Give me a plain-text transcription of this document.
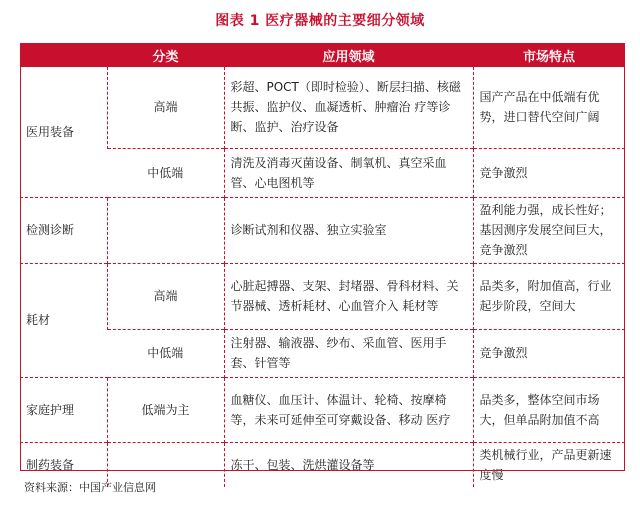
图表 1 医疗器械的主要细分领域
	分类	应用领域	市场特点
医用装备	高端	彩超、POCT（即时检验）、断层扫描、核磁共振、监护仪、血凝透析、肿瘤治 疗等诊断、监护、治疗设备	国产产品在中低端有优 势，进口替代空间广阔
	中低端	清洗及消毒灭菌设备、制氧机、真空采血管、心电图机等	竞争激烈
检测诊断		诊断试剂和仪器、独立实验室	盈利能力强，成长性好；基因测序发展空间巨大，竞争激烈
耗材	高端	心脏起搏器、支架、封堵器、骨科材料、关节器械、透析耗材、心血管介入 耗材等	品类多，附加值高，行业 起步阶段，空间大
	中低端	注射器、输液器、纱布、采血管、医用手套、针管等	竞争激烈
家庭护理	低端为主	血糖仪、血压计、体温计、轮椅、按摩椅等，未来可延伸至可穿戴设备、移动 医疗	品类多，整体空间市场 大，但单品附加值不高
制药装备		冻干、包装、洗烘灌设备等	类机械行业，产品更新速度慢
资料来源：中国产业信息网
